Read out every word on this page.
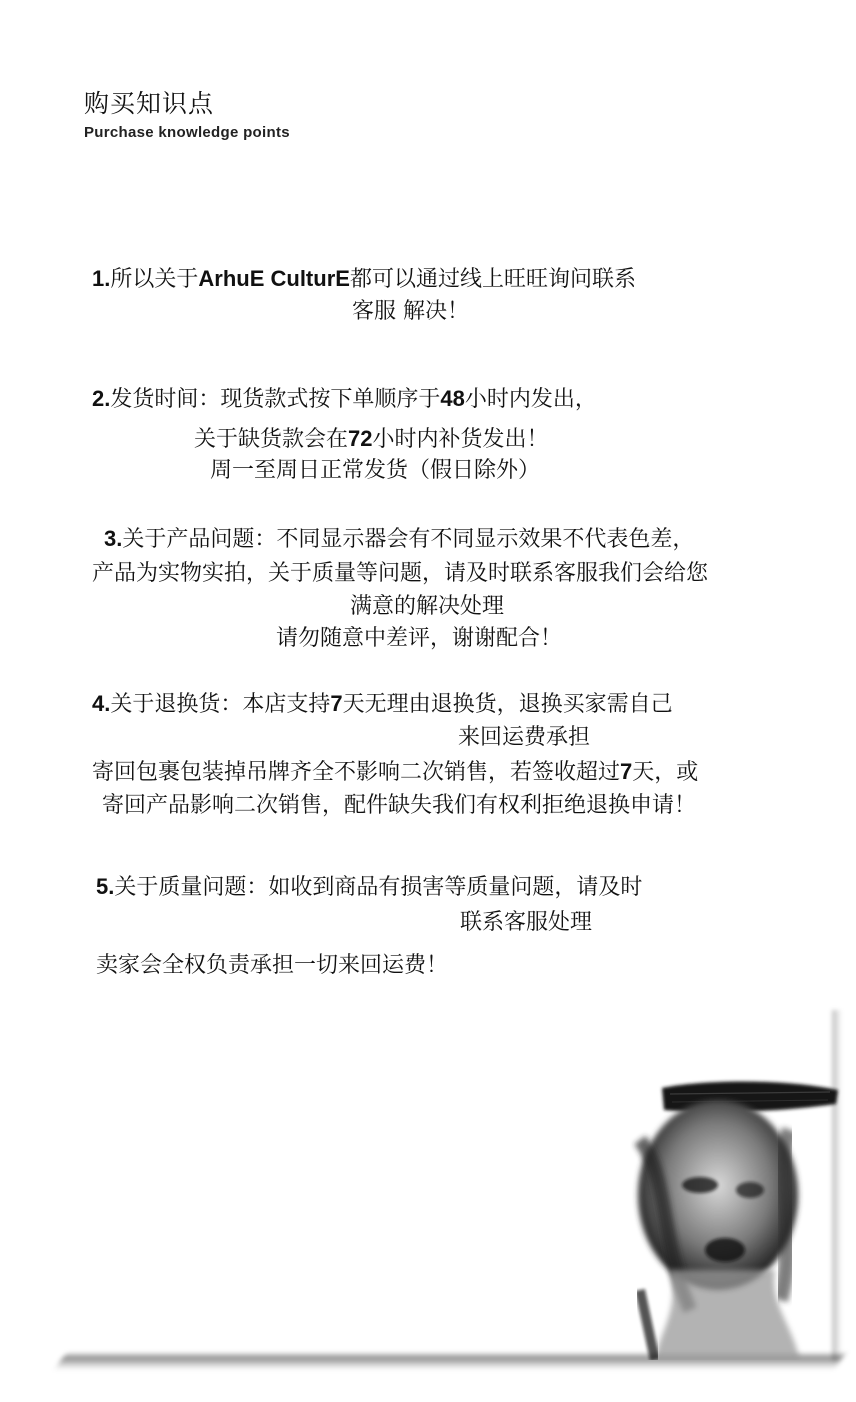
购买知识点
Purchase knowledge points
1.所以关于ArhuE CulturE都可以通过线上旺旺询问联系
客服 解决！
2.发货时间：现货款式按下单顺序于48小时内发出，
关于缺货款会在72小时内补货发出！
周一至周日正常发货（假日除外）
3.关于产品问题：不同显示器会有不同显示效果不代表色差，
产品为实物实拍，关于质量等问题，请及时联系客服我们会给您
满意的解决处理
请勿随意中差评，谢谢配合！
4.关于退换货：本店支持7天无理由退换货，退换买家需自己
来回运费承担
寄回包裹包装掉吊牌齐全不影响二次销售，若签收超过7天，或
寄回产品影响二次销售，配件缺失我们有权利拒绝退换申请！
5.关于质量问题：如收到商品有损害等质量问题，请及时
联系客服处理
卖家会全权负责承担一切来回运费！
